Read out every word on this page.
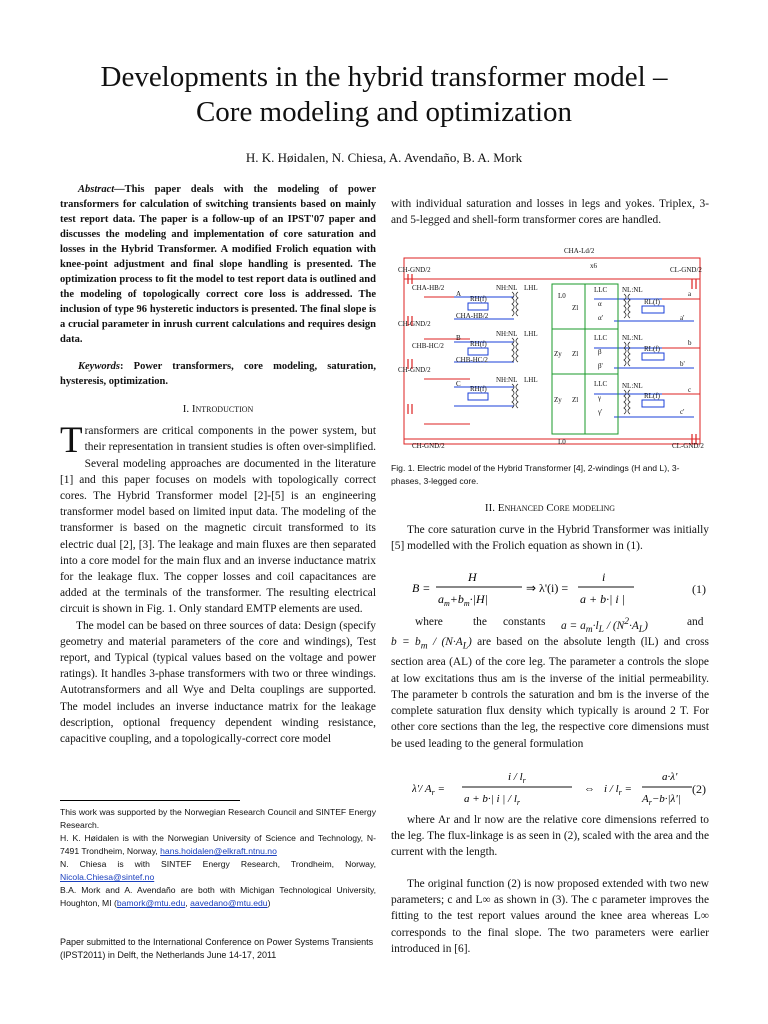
Developments in the hybrid transformer model –
Core modeling and optimization
H. K. Høidalen, N. Chiesa, A. Avendaño, B. A. Mork

Abstract—This paper deals with the modeling of power transformers for calculation of switching transients based on mainly test report data. The paper is a follow-up of an IPST'07 paper and discusses the modeling and implementation of core saturation and losses in the Hybrid Transformer. A modified Frolich equation with knee-point adjustment and final slope handling is presented. The optimization process to fit the model to test report data is outlined and the modeling of topologically correct core loss is addressed. The inclusion of type 96 hysteretic inductors is presented. The final slope is a crucial parameter in inrush current calculations and requires design data.

Keywords: Power transformers, core modeling, saturation, hysteresis, optimization.

I. Introduction

Transformers are critical components in the power system, but their representation in transient studies is often over-simplified. Several modeling approaches are documented in the literature [1] and this paper focuses on models with topologically correct cores. The Hybrid Transformer model [2]-[5] is an engineering transformer model based on limited input data. The modeling of the transformer is based on the magnetic circuit transformed to its electric dual [2], [3]. The leakage and main fluxes are then separated into a core model for the main flux and an inverse inductance matrix for the leakage flux. The copper losses and coil capacitances are added at the terminals of the transformer. The resulting electrical circuit is shown in Fig. 1. Only standard EMTP elements are used.

The model can be based on three sources of data: Design (specify geometry and material parameters of the core and windings), Test report, and Typical (typical values based on the voltage and power ratings). It handles 3-phase transformers with two or three windings. Autotransformers and all Wye and Delta couplings are supported. The model includes an inverse inductance matrix for the leakage description, optional frequency dependent winding resistance, capacitive coupling, and a topologically-correct core model

This work was supported by the Norwegian Research Council and SINTEF Energy Research.
H. K. Høidalen is with the Norwegian University of Science and Technology, N-7491 Trondheim, Norway, hans.hoidalen@elkraft.ntnu.no
N. Chiesa is with SINTEF Energy Research, Trondheim, Norway, Nicola.Chiesa@sintef.no
B.A. Mork and A. Avendaño are both with Michigan Technological University, Houghton, MI (bamork@mtu.edu, aavedano@mtu.edu)
Paper submitted to the International Conference on Power Systems Transients (IPST2011) in Delft, the Netherlands June 14-17, 2011

with individual saturation and losses in legs and yokes. Triplex, 3- and 5-legged and shell-form transformer cores are handled.

CHA-Ld/2
x6
CH-GND/2	CL-GND/2
CHA-HB/2
CHA-HB/2
CHB-HC/2
CH-GND/2
CHB-HC/2
CH-GND/2
CH-GND/2	CL-GND/2
NH:NL
NH:NL
NH:NL
NL:NL
NL:NL
NL:NL
LHL
LHL
LHL
LLC
LLC
LLC
L0
L0
RH(f)
RH(f)
RH(f)
RL(f)
RL(f)
RL(f)
Zl
Zl
Zl
Zy
Zy
α
α'
β
β'
γ
γ'
A
B
C
a'
b
b'
c
c'
a
Fig. 1. Electric model of the Hybrid Transformer [4], 2-windings (H and L), 3-phases, 3-legged core.
II. Enhanced Core modeling

The core saturation curve in the Hybrid Transformer was initially [5] modelled with the Frolich equation as shown in (1).

B =
H
$a_m+b_m\cdot|H|$
⇒ λ'(i) =
i
a + b·| i |
(1)
where	the constants $a = a_m\cdot l_L / (N^2\cdot A_L)$	and

$b = b_m / (N\cdot A_L)$ are based on the absolute length (lL) and cross section area (AL) of the core leg. The parameter a controls the slope at low excitations thus am is the inverse of the initial permeability. The parameter b controls the saturation and bm is the inverse of the complete saturation flux density which typically is around 2 T. For other core sections than the leg, the respective core dimensions must be used leading to the general formulation

λ'/ $A_r$ =
i / $l_r$
a + b·| i | / $l_r$
⇔ i / $l_r$ =
a·λ'
$A_r-b\cdot|\lambda'|$
(2)

where Ar and lr now are the relative core dimensions referred to the leg. The flux-linkage is as seen in (2), scaled with the area and the current with the length.

The original function (2) is now proposed extended with two new parameters; c and L∞ as shown in (3). The c parameter improves the fitting to the test report values around the knee area whereas L∞ corresponds to the final slope. The two parameters were earlier introduced in [6].
